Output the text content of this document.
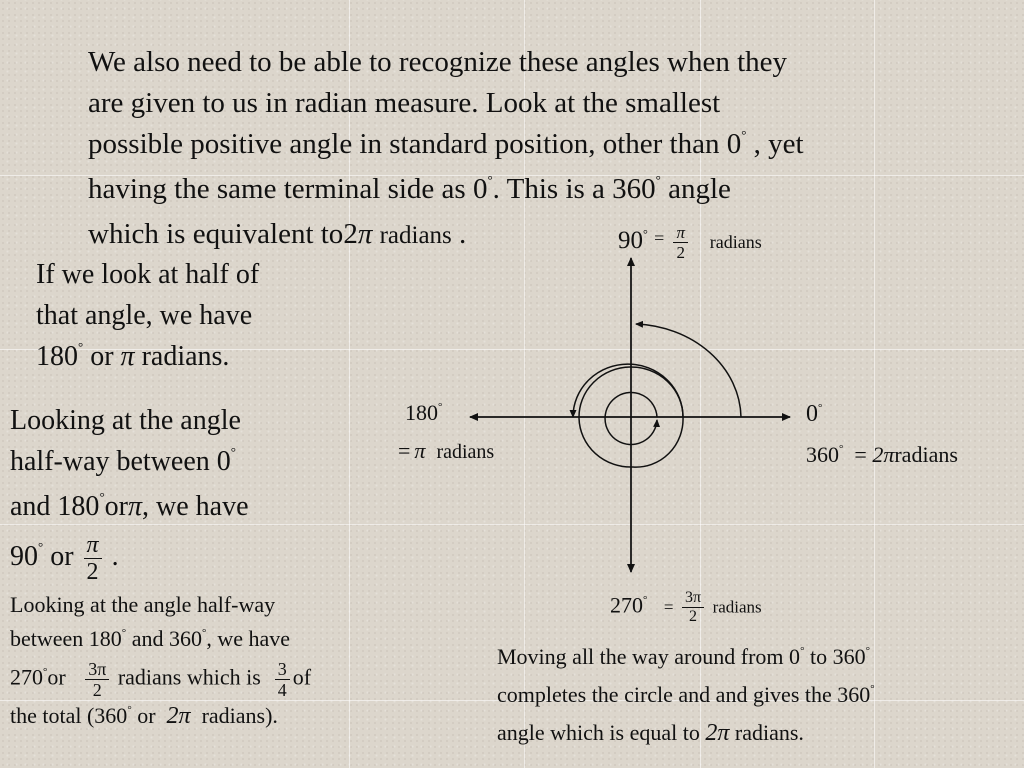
We also need to be able to recognize these angles when they
are given to us in radian measure. Look at the smallest
possible positive angle in standard position, other than 0° , yet
having the same terminal side as 0°. This is a 360° angle
which is equivalent to2π radians .
If we look at half of
that angle, we have
180° or π radians.
Looking at the angle
half-way between 0°
and 180°orπ, we have
90° or $\frac{\pi}{2}$ .
Looking at the angle half-way
between 180° and 360°, we have
$270^\circ or \frac{3\pi}{2}$ radians which is $\frac{3}{4}$ of
the total (360° or 2π radians).
Moving all the way around from 0° to 360°
completes the circle and and gives the 360°
angle which is equal to 2π radians.
$90^\circ = \frac{\pi}{2}$ radians
180°
= π radians
0°
360° = 2πradians
$270^\circ = \frac{3\pi}{2}$ radians
